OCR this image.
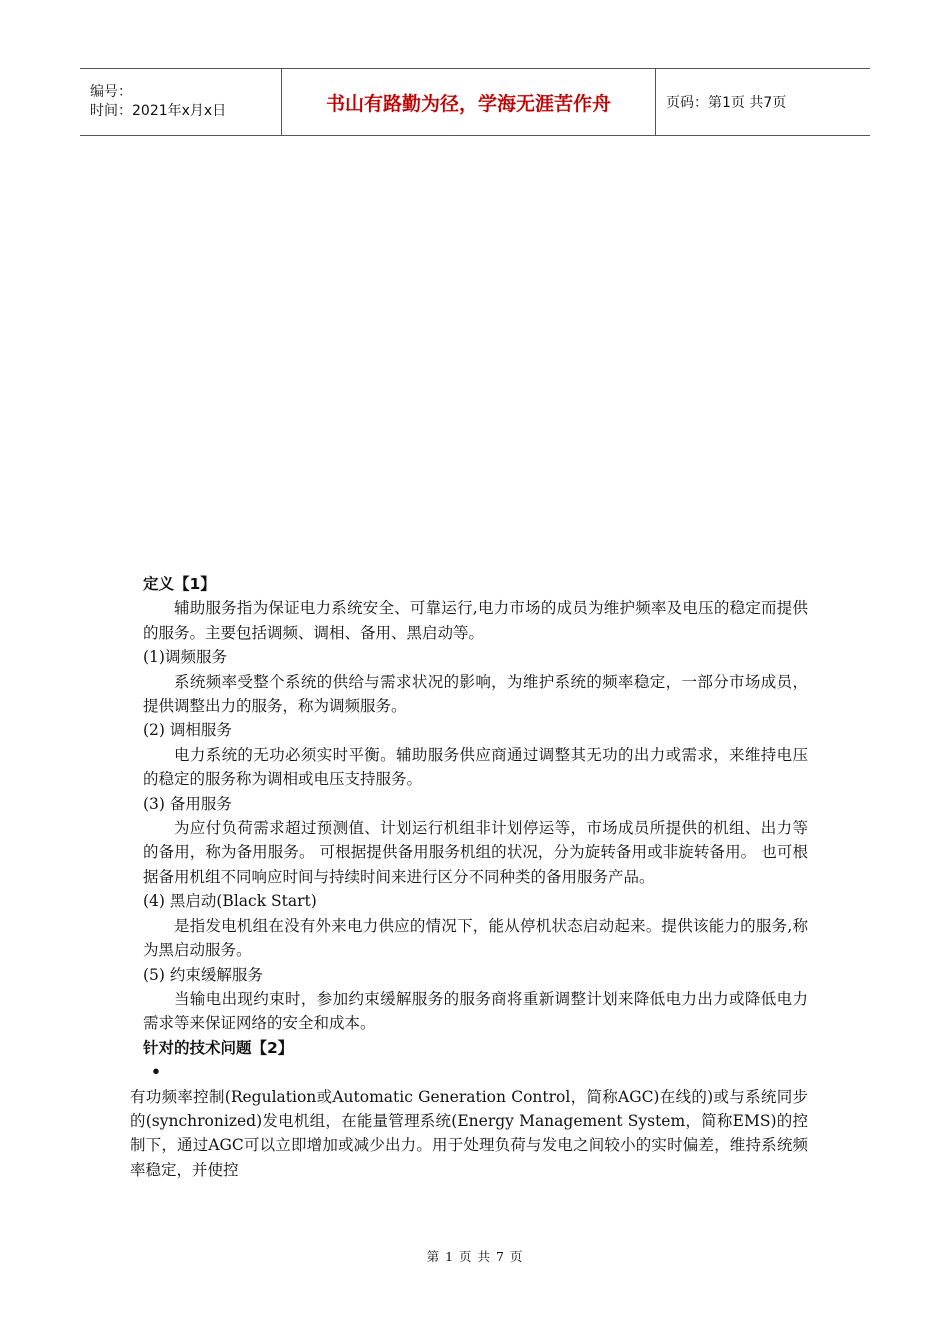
编号：
时间：2021年x月x日	书山有路勤为径，学海无涯苦作舟	页码：第1页 共7页

定义【1】

辅助服务指为保证电力系统安全、可靠运行,电力市场的成员为维护频率及电压的稳定而提供的服务。主要包括调频、调相、备用、黑启动等。

(1)调频服务

系统频率受整个系统的供给与需求状况的影响，为维护系统的频率稳定，一部分市场成员，提供调整出力的服务，称为调频服务。

(2) 调相服务

电力系统的无功必须实时平衡。辅助服务供应商通过调整其无功的出力或需求，来维持电压的稳定的服务称为调相或电压支持服务。

(3) 备用服务

为应付负荷需求超过预测值、计划运行机组非计划停运等，市场成员所提供的机组、出力等的备用，称为备用服务。 可根据提供备用服务机组的状况，分为旋转备用或非旋转备用。 也可根据备用机组不同响应时间与持续时间来进行区分不同种类的备用服务产品。

(4) 黑启动(Black Start)

是指发电机组在没有外来电力供应的情况下，能从停机状态启动起来。提供该能力的服务,称为黑启动服务。

(5) 约束缓解服务

当输电出现约束时，参加约束缓解服务的服务商将重新调整计划来降低电力出力或降低电力需求等来保证网络的安全和成本。

针对的技术问题【2】

•

有功频率控制(Regulation或Automatic Generation Control，简称AGC)在线的)或与系统同步的(synchronized)发电机组，在能量管理系统(Energy Management System，简称EMS)的控制下，通过AGC可以立即增加或减少出力。用于处理负荷与发电之间较小的实时偏差，维持系统频率稳定，并使控

第 1 页 共 7 页
